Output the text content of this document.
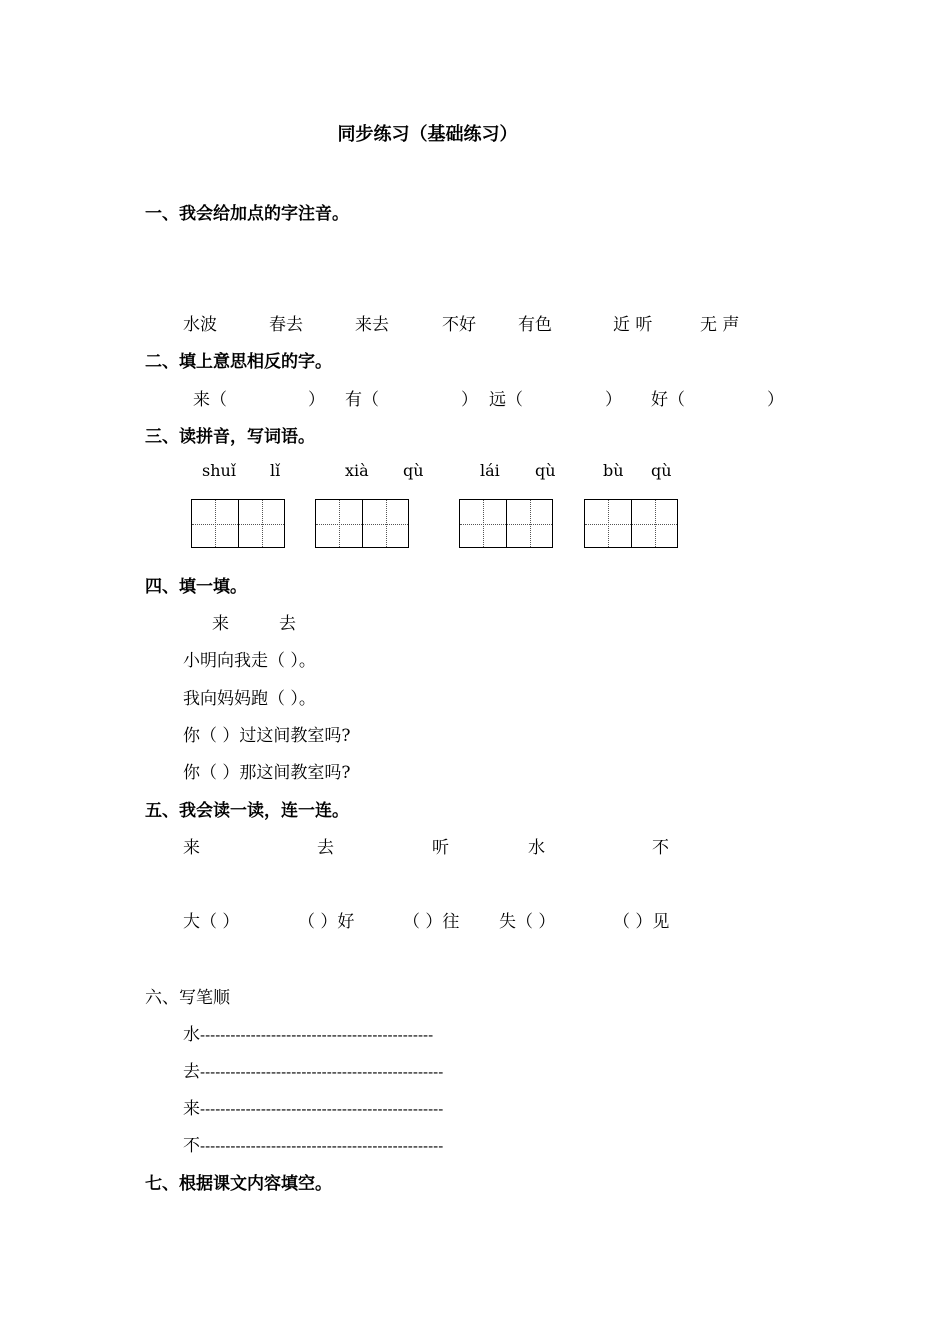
同步练习（基础练习）
一、我会给加点的字注音。
水波	春去	来去	不好 有色	近 听	无 声
二、填上意思相反的字。
来（	） 有（	） 远（	） 好（	）
三、读拼音，写词语。
shuǐ lǐ	xià qù	lái qù	bù qù
四、填一填。
来	去
小明向我走（ ）。
我向妈妈跑（ ）。
你（ ）过这间教室吗?
你（ ）那这间教室吗?
五、我会读一读，连一连。
来	去	听	水	不
大（ ）	（ ）好	（ ）往 失（ ）	（ ）见
六、写笔顺
水----------------------------------------------
去------------------------------------------------
来------------------------------------------------
不------------------------------------------------
七、根据课文内容填空。
